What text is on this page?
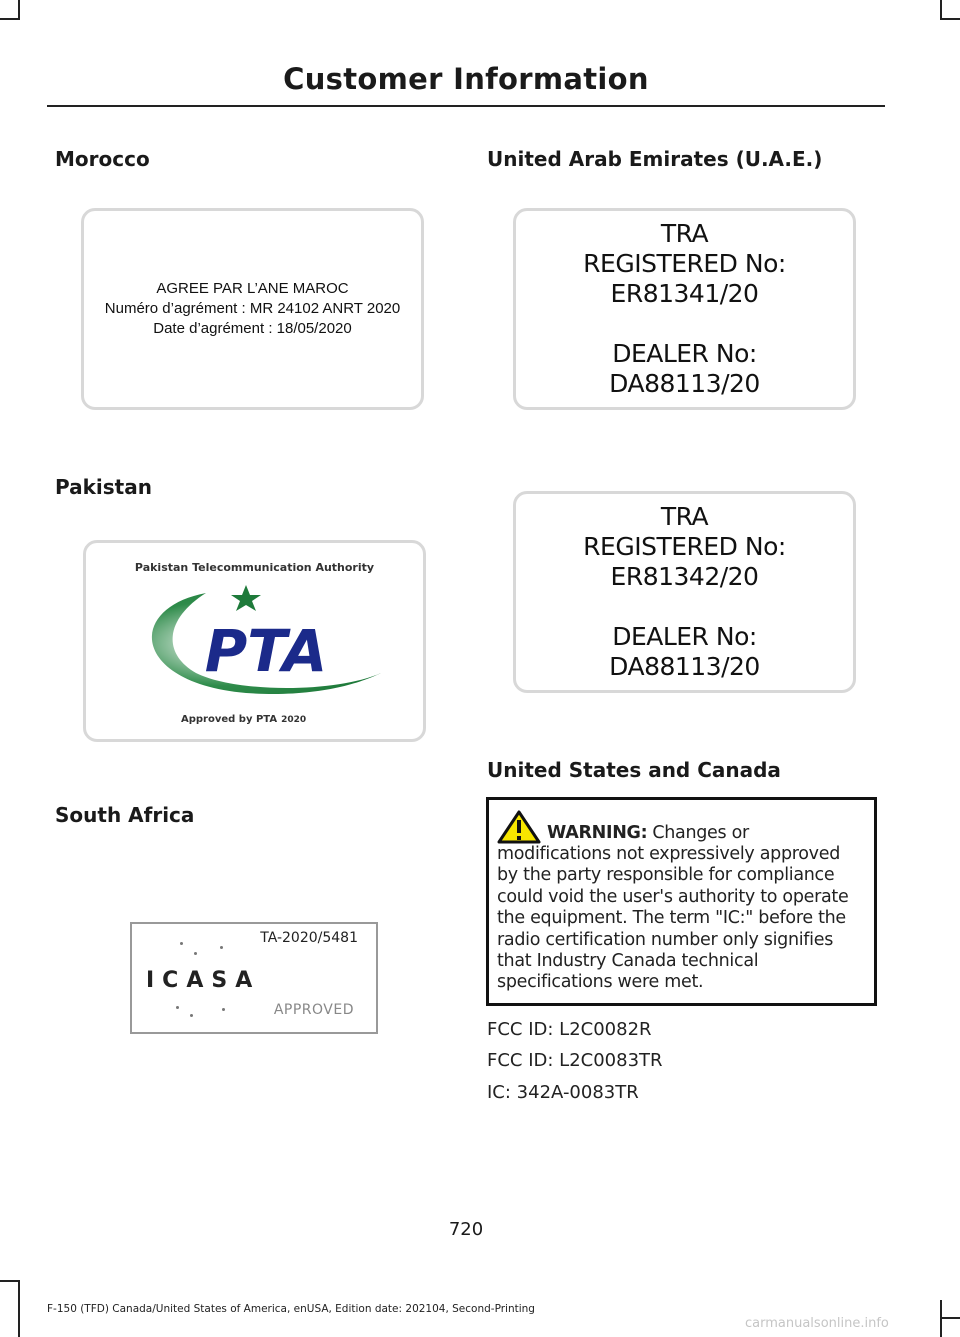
Customer Information
Morocco
AGREE PAR L’ANE MAROC
Numéro d’agrément : MR 24102 ANRT 2020
Date d’agrément : 18/05/2020
Pakistan
Pakistan Telecommunication Authority
PTA
Approved by PTA 2020
South Africa
TA-2020/5481
ICASA
APPROVED
United Arab Emirates (U.A.E.)
TRA
REGISTERED No:
ER81341/20
DEALER No:
DA88113/20
TRA
REGISTERED No:
ER81342/20
DEALER No:
DA88113/20
United States and Canada
WARNING: Changes or
modifications not expressively approved by the party responsible for compliance could void the user's authority to operate the equipment. The term "IC:" before the radio certification number only signifies that Industry Canada technical specifications were met.
FCC ID: L2C0082R
FCC ID: L2C0083TR
IC: 342A-0083TR
720
F-150 (TFD) Canada/United States of America, enUSA, Edition date: 202104, Second-Printing
carmanualsonline.info
